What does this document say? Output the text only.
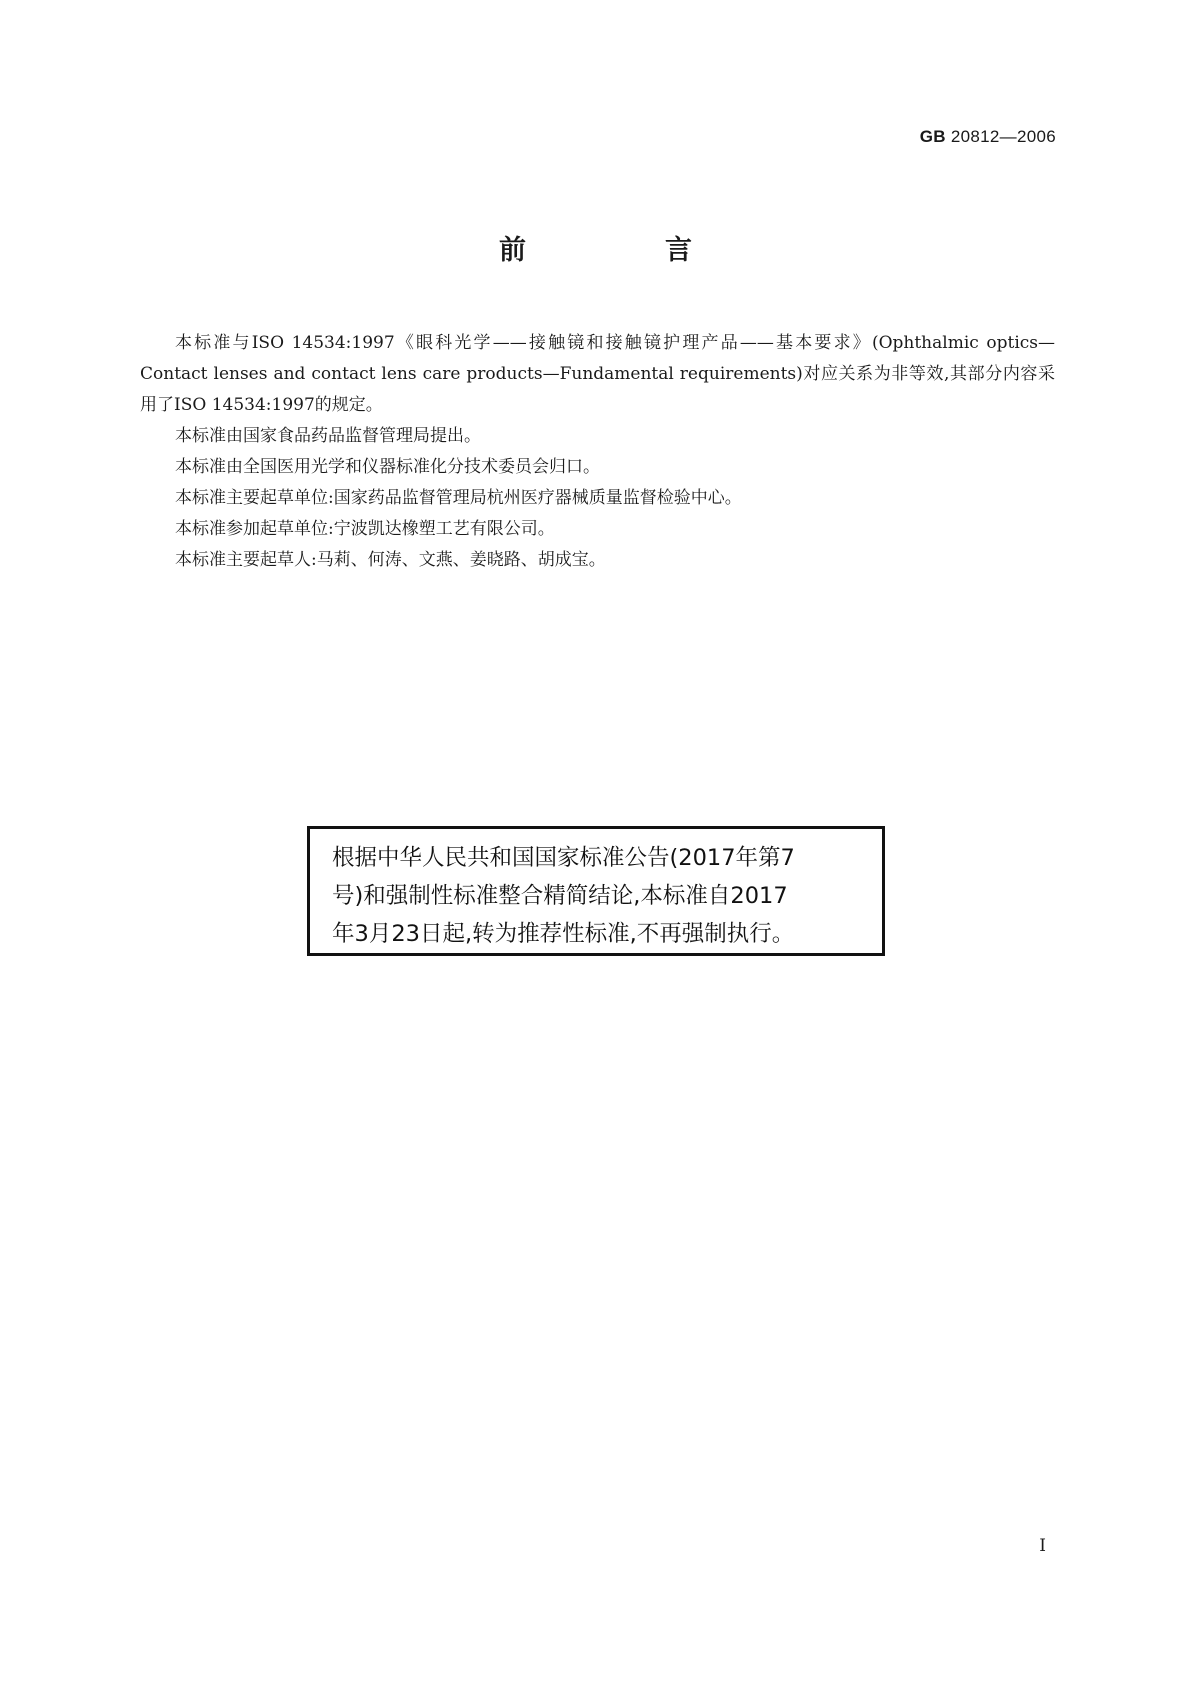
GB 20812—2006
前　言

本标准与ISO 14534:1997《眼科光学——接触镜和接触镜护理产品——基本要求》(Ophthalmic optics—Contact lenses and contact lens care products—Fundamental requirements)对应关系为非等效,其部分内容采用了ISO 14534:1997的规定。

本标准由国家食品药品监督管理局提出。

本标准由全国医用光学和仪器标准化分技术委员会归口。

本标准主要起草单位:国家药品监督管理局杭州医疗器械质量监督检验中心。

本标准参加起草单位:宁波凯达橡塑工艺有限公司。

本标准主要起草人:马莉、何涛、文燕、姜晓路、胡成宝。

根据中华人民共和国国家标准公告(2017年第7
号)和强制性标准整合精简结论,本标准自2017
年3月23日起,转为推荐性标准,不再强制执行。
I
